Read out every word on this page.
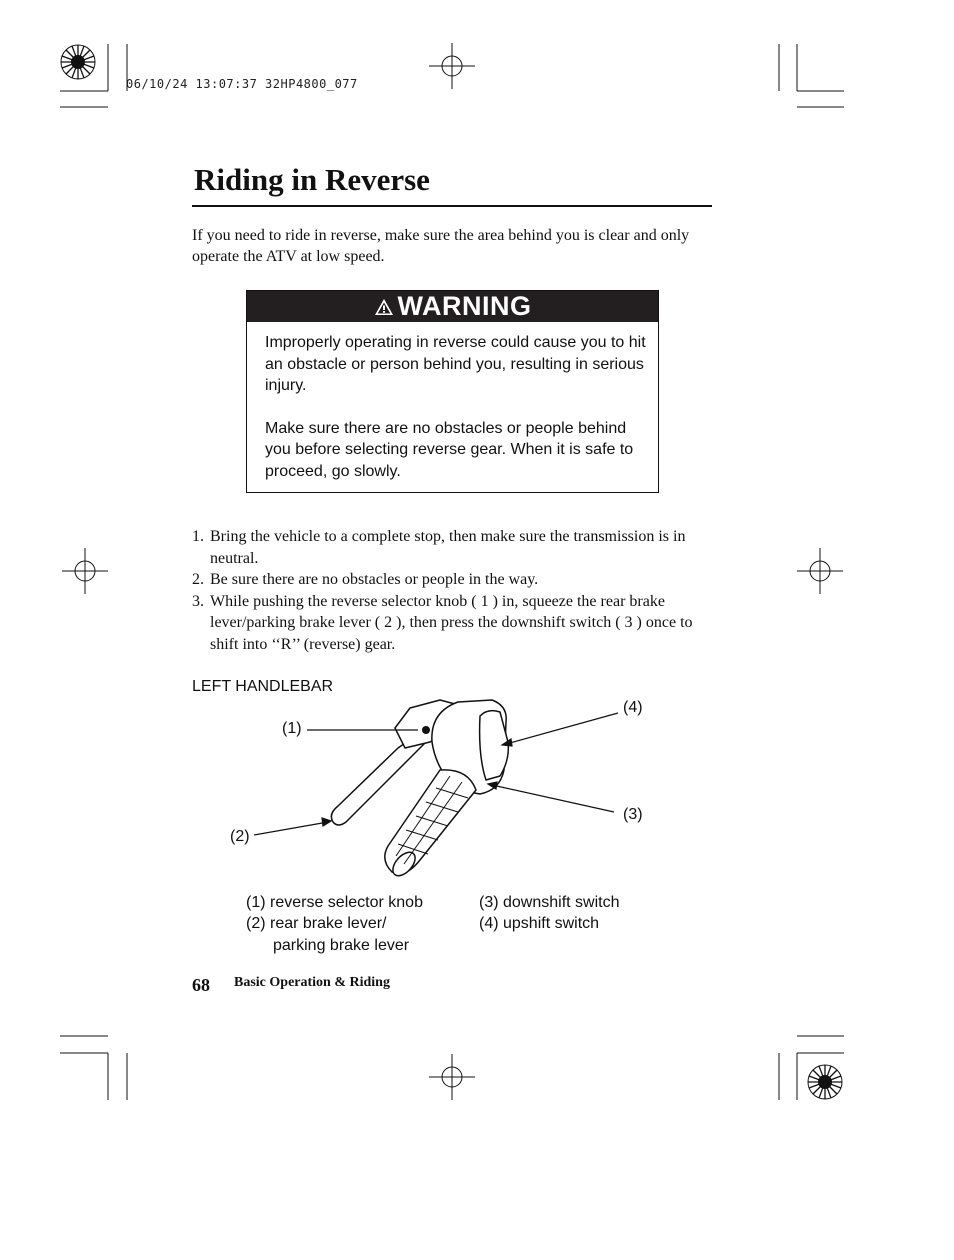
06/10/24 13:07:37 32HP4800_077
Riding in Reverse
If you need to ride in reverse, make sure the area behind you is clear and only operate the ATV at low speed.
WARNING

Improperly operating in reverse could cause you to hit an obstacle or person behind you, resulting in serious injury.

Make sure there are no obstacles or people behind you before selecting reverse gear. When it is safe to proceed, go slowly.

1. Bring the vehicle to a complete stop, then make sure the transmission is in neutral.
2. Be sure there are no obstacles or people in the way.
3. While pushing the reverse selector knob ( 1 ) in, squeeze the rear brake lever/parking brake lever ( 2 ), then press the downshift switch ( 3 ) once to shift into ‘‘R’’ (reverse) gear.
LEFT HANDLEBAR
(1)
(2)
(3)
(4)
(1) reverse selector knob
(2) rear brake lever/
parking brake lever
(3) downshift switch
(4) upshift switch
68 Basic Operation & Riding
